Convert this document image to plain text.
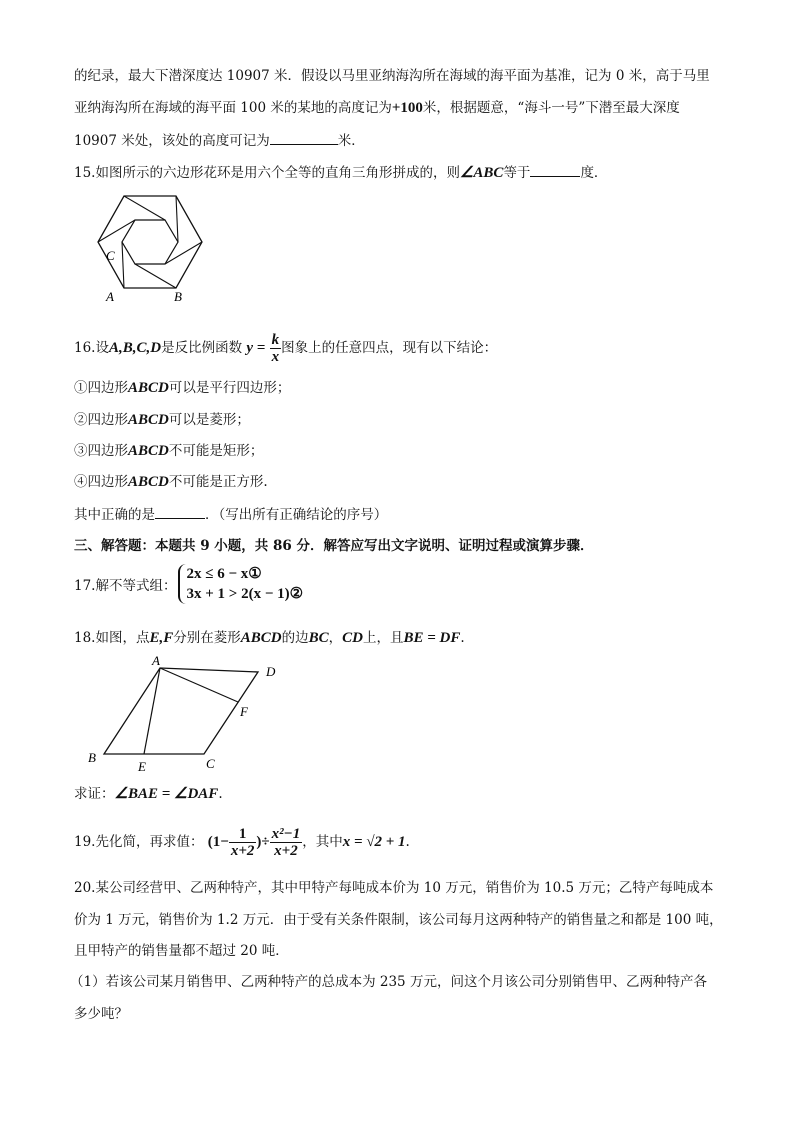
的纪录，最大下潜深度达 10907 米．假设以马里亚纳海沟所在海域的海平面为基准，记为 0 米，高于马里
亚纳海沟所在海域的海平面 100 米的某地的高度记为+100米，根据题意，“海斗一号”下潜至最大深度
10907 米处，该处的高度可记为	米．
15.如图所示的六边形花环是用六个全等的直角三角形拼成的，则∠ABC等于	度．
C
A	B
16.设A,B,C,D是反比例函数 $y = \frac{k}{x}$ 图象上的任意四点，现有以下结论：
①四边形ABCD可以是平行四边形；
②四边形ABCD可以是菱形；
③四边形ABCD不可能是矩形；
④四边形ABCD不可能是正方形.
其中正确的是	．（写出所有正确结论的序号）
三、解答题：本题共 9 小题，共 86 分．解答应写出文字说明、证明过程或演算步骤．
17.解不等式组：
2x ≤ 6 − x①
3x + 1 > 2(x − 1)②
18.如图，点E,F分别在菱形ABCD的边BC，CD上，且BE = DF.
A
D
F
C
B
E
求证：∠BAE = ∠DAF.
19.先化简，再求值： ($1- \frac{1}{x+2}$ )÷ $\frac{\text{x²−1}}{x+2}$ ，其中x = √2 + 1.
20.某公司经营甲、乙两种特产，其中甲特产每吨成本价为 10 万元，销售价为 10.5 万元；乙特产每吨成本
价为 1 万元，销售价为 1.2 万元．由于受有关条件限制，该公司每月这两种特产的销售量之和都是 100 吨，
且甲特产的销售量都不超过 20 吨．
（1）若该公司某月销售甲、乙两种特产的总成本为 235 万元，问这个月该公司分别销售甲、乙两种特产各
多少吨？
